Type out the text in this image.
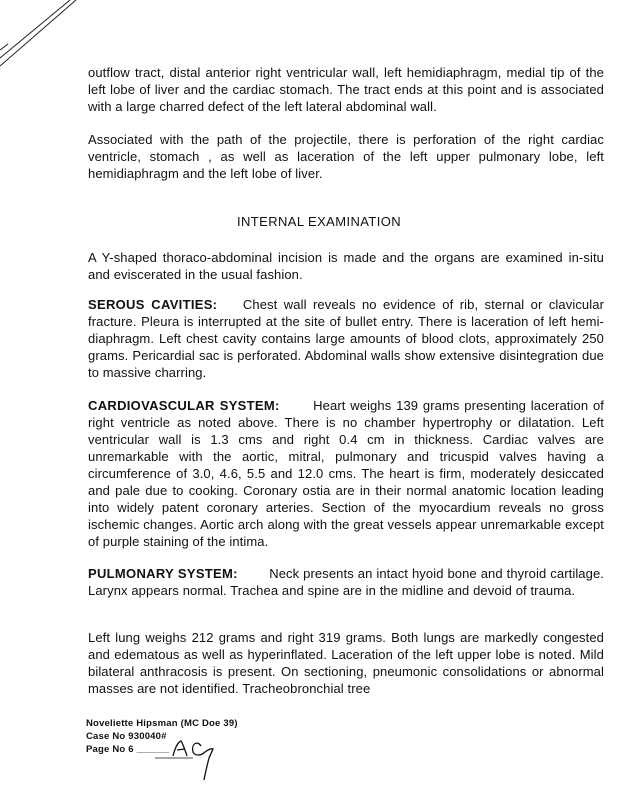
outflow tract, distal anterior right ventricular wall, left hemidiaphragm, medial tip of the left lobe of liver and the cardiac stomach. The tract ends at this point and is associated with a large charred defect of the left lateral abdominal wall.
Associated with the path of the projectile, there is perforation of the right cardiac ventricle, stomach , as well as laceration of the left upper pulmonary lobe, left hemidiaphragm and the left lobe of liver.
INTERNAL EXAMINATION
A Y-shaped thoraco-abdominal incision is made and the organs are examined in-situ and eviscerated in the usual fashion.
SEROUS CAVITIES: Chest wall reveals no evidence of rib, sternal or clavicular fracture. Pleura is interrupted at the site of bullet entry. There is laceration of left hemi-diaphragm. Left chest cavity contains large amounts of blood clots, approximately 250 grams. Pericardial sac is perforated. Abdominal walls show extensive disintegration due to massive charring.
CARDIOVASCULAR SYSTEM:	Heart weighs 139 grams presenting laceration of right ventricle as noted above. There is no chamber hypertrophy or dilatation. Left ventricular wall is 1.3 cms and right 0.4 cm in thickness. Cardiac valves are unremarkable with the aortic, mitral, pulmonary and tricuspid valves having a circumference of 3.0, 4.6, 5.5 and 12.0 cms. The heart is firm, moderately desiccated and pale due to cooking. Coronary ostia are in their normal anatomic location leading into widely patent coronary arteries. Section of the myocardium reveals no gross ischemic changes. Aortic arch along with the great vessels appear unremarkable except of purple staining of the intima.
PULMONARY SYSTEM: Neck presents an intact hyoid bone and thyroid cartilage. Larynx appears normal. Trachea and spine are in the midline and devoid of trauma.
Left lung weighs 212 grams and right 319 grams. Both lungs are markedly congested and edematous as well as hyperinflated. Laceration of the left upper lobe is noted. Mild bilateral anthracosis is present. On sectioning, pneumonic consolidations or abnormal masses are not identified. Tracheobronchial tree
Noveliette Hipsman (MC Doe 39)
Case No 930040#
Page No 6 ______
